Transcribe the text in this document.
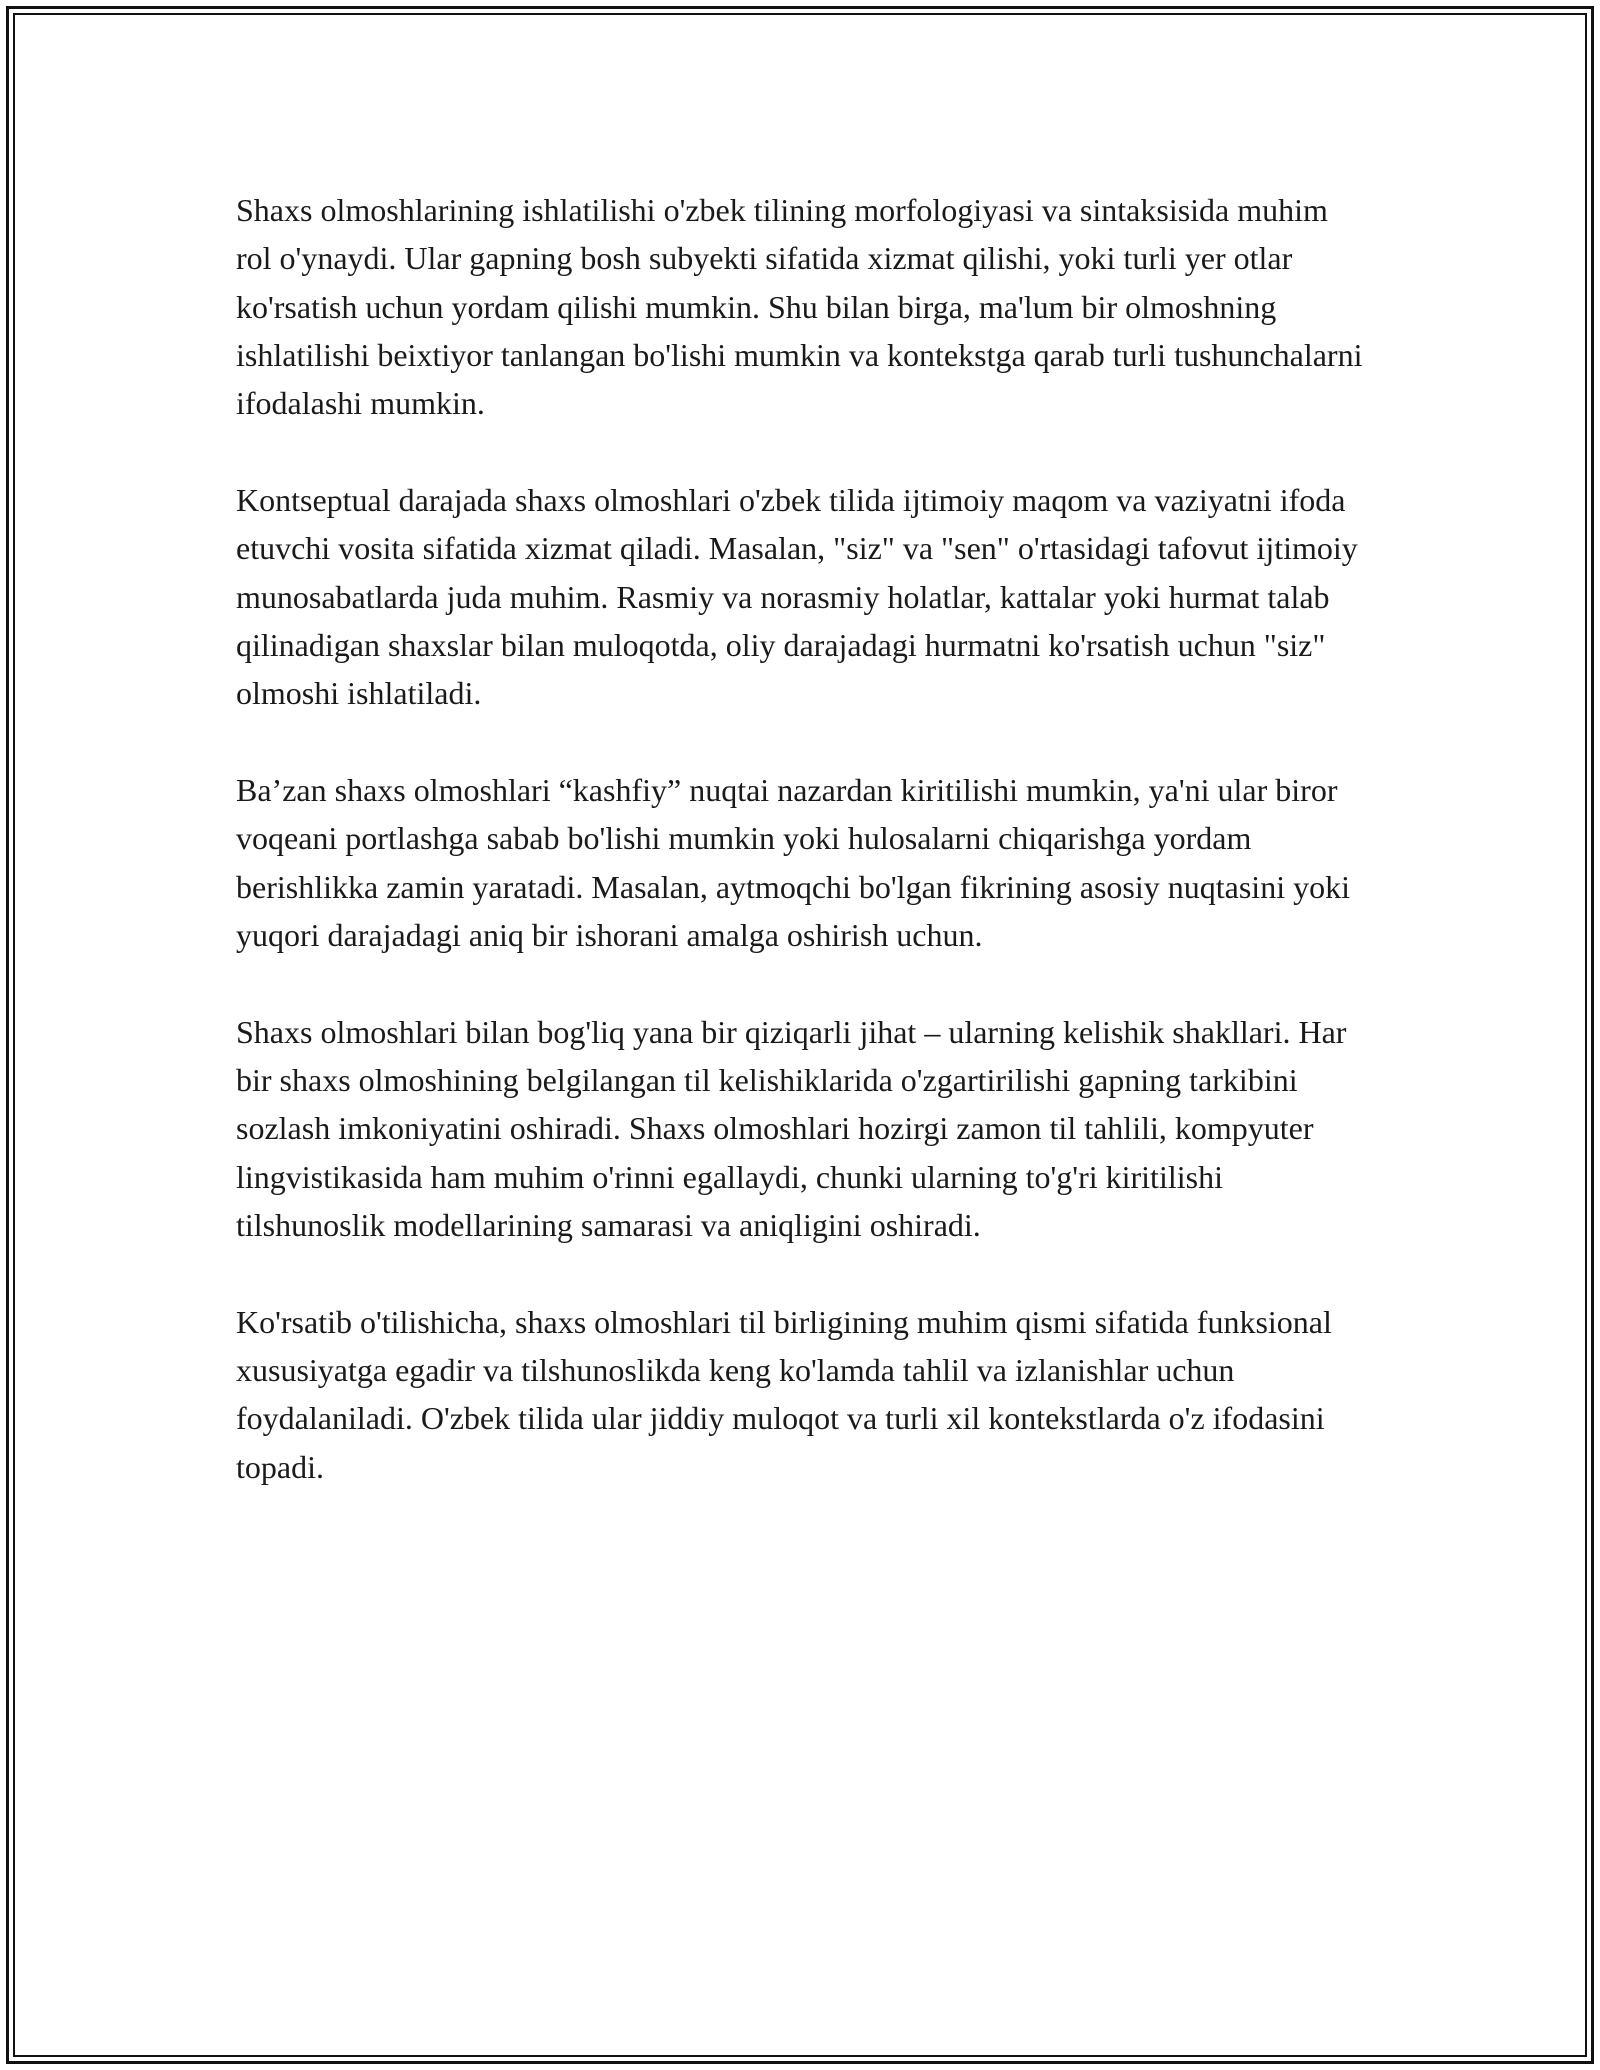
Shaxs olmoshlarining ishlatilishi o'zbek tilining morfologiyasi va sintaksisida muhim rol o'ynaydi. Ular gapning bosh subyekti sifatida xizmat qilishi, yoki turli yer otlar ko'rsatish uchun yordam qilishi mumkin. Shu bilan birga, ma'lum bir olmoshning ishlatilishi beixtiyor tanlangan bo'lishi mumkin va kontekstga qarab turli tushunchalarni ifodalashi mumkin.

Kontseptual darajada shaxs olmoshlari o'zbek tilida ijtimoiy maqom va vaziyatni ifoda etuvchi vosita sifatida xizmat qiladi. Masalan, "siz" va "sen" o'rtasidagi tafovut ijtimoiy munosabatlarda juda muhim. Rasmiy va norasmiy holatlar, kattalar yoki hurmat talab qilinadigan shaxslar bilan muloqotda, oliy darajadagi hurmatni ko'rsatish uchun "siz" olmoshi ishlatiladi.

Ba’zan shaxs olmoshlari “kashfiy” nuqtai nazardan kiritilishi mumkin, ya'ni ular biror voqeani portlashga sabab bo'lishi mumkin yoki hulosalarni chiqarishga yordam berishlikka zamin yaratadi. Masalan, aytmoqchi bo'lgan fikrining asosiy nuqtasini yoki yuqori darajadagi aniq bir ishorani amalga oshirish uchun.

Shaxs olmoshlari bilan bog'liq yana bir qiziqarli jihat – ularning kelishik shakllari. Har bir shaxs olmoshining belgilangan til kelishiklarida o'zgartirilishi gapning tarkibini sozlash imkoniyatini oshiradi. Shaxs olmoshlari hozirgi zamon til tahlili, kompyuter lingvistikasida ham muhim o'rinni egallaydi, chunki ularning to'g'ri kiritilishi tilshunoslik modellarining samarasi va aniqligini oshiradi.

Ko'rsatib o'tilishicha, shaxs olmoshlari til birligining muhim qismi sifatida funksional xususiyatga egadir va tilshunoslikda keng ko'lamda tahlil va izlanishlar uchun foydalaniladi. O'zbek tilida ular jiddiy muloqot va turli xil kontekstlarda o'z ifodasini topadi.
